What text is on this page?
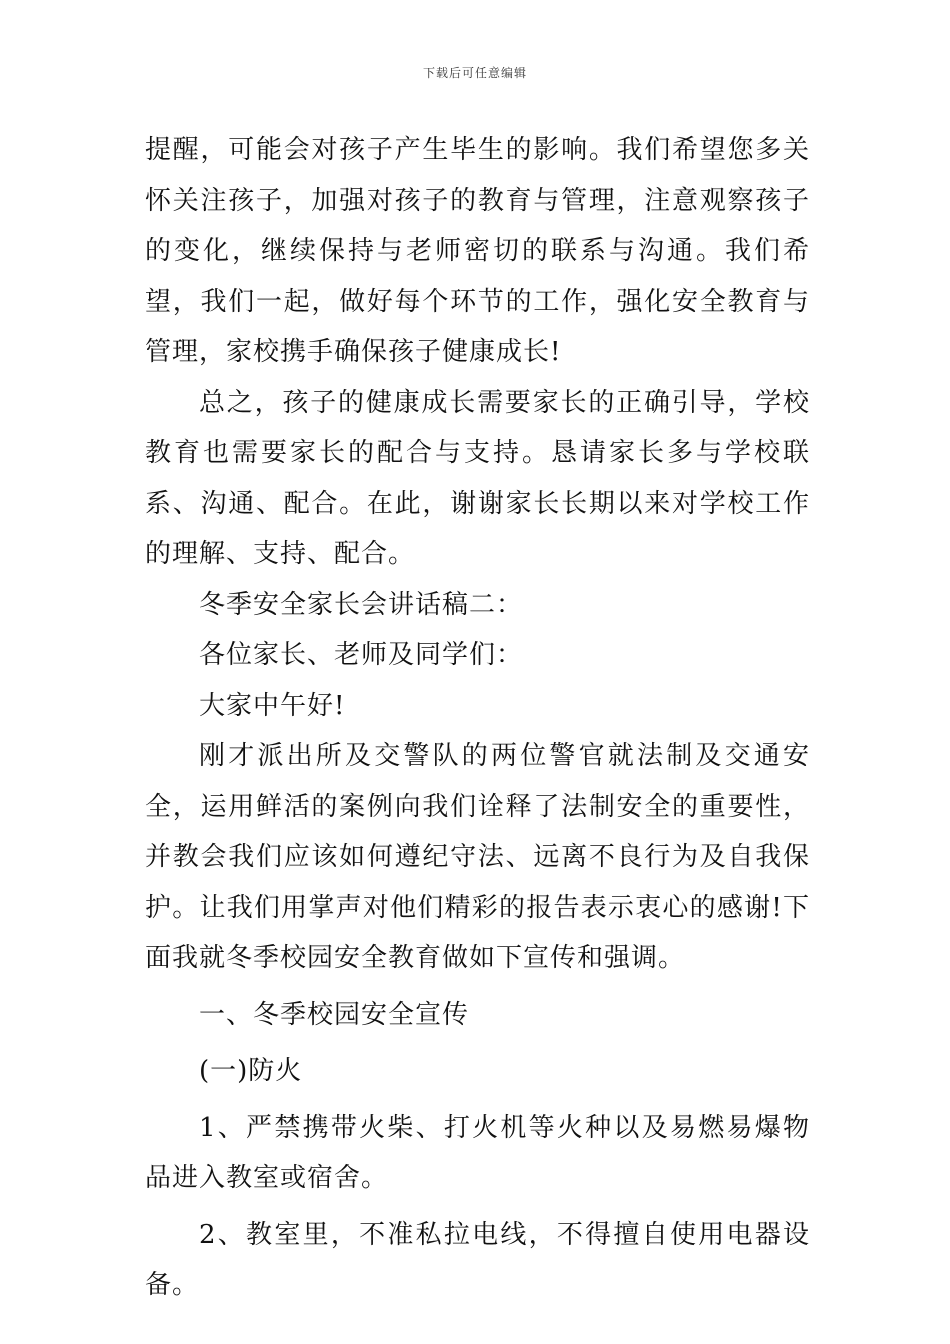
下载后可任意编辑

提醒，可能会对孩子产生毕生的影响。我们希望您多关怀关注孩子，加强对孩子的教育与管理，注意观察孩子的变化，继续保持与老师密切的联系与沟通。我们希望，我们一起，做好每个环节的工作，强化安全教育与管理，家校携手确保孩子健康成长!

总之，孩子的健康成长需要家长的正确引导，学校教育也需要家长的配合与支持。恳请家长多与学校联系、沟通、配合。在此，谢谢家长长期以来对学校工作的理解、支持、配合。

冬季安全家长会讲话稿二：

各位家长、老师及同学们：

大家中午好!

刚才派出所及交警队的两位警官就法制及交通安全，运用鲜活的案例向我们诠释了法制安全的重要性，并教会我们应该如何遵纪守法、远离不良行为及自我保护。让我们用掌声对他们精彩的报告表示衷心的感谢!下面我就冬季校园安全教育做如下宣传和强调。

一、冬季校园安全宣传

(一)防火

1、严禁携带火柴、打火机等火种以及易燃易爆物品进入教室或宿舍。

2、教室里，不准私拉电线，不得擅自使用电器设备。
